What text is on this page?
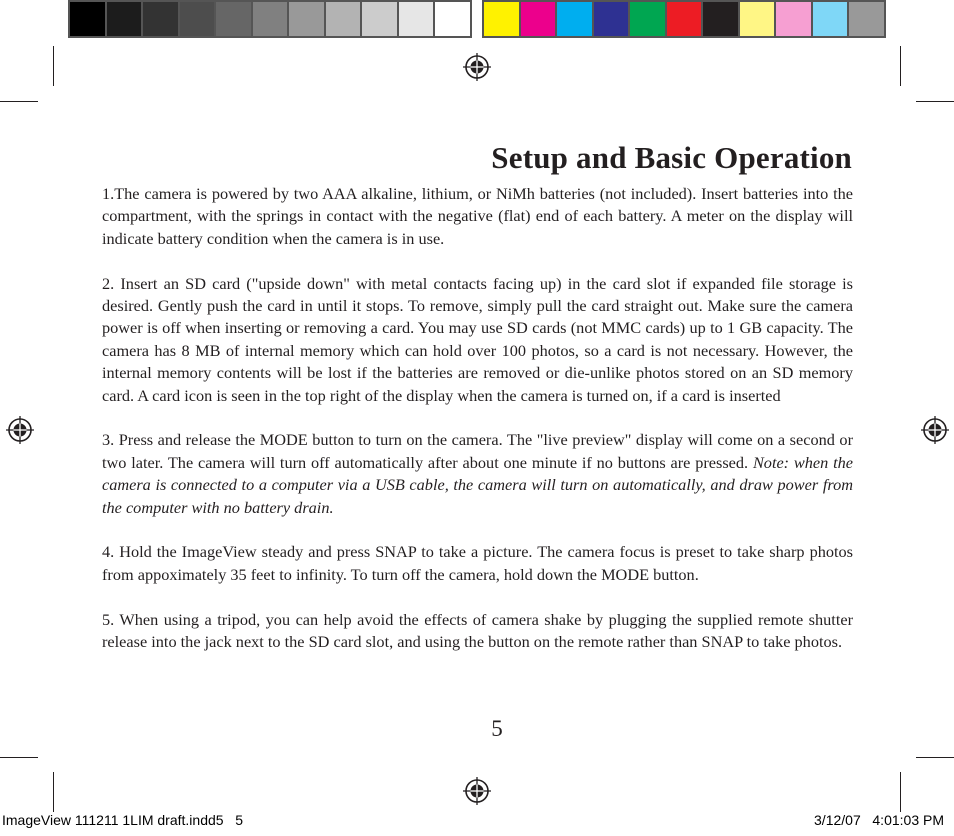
Setup and Basic Operation

1.The camera is powered by two AAA alkaline, lithium, or NiMh batteries (not included). Insert batteries into the compartment, with the springs in contact with the negative (flat) end of each battery. A meter on the display will indicate battery condition when the camera is in use.

2. Insert an SD card ("upside down" with metal contacts facing up) in the card slot if expanded file storage is desired. Gently push the card in until it stops. To remove, simply pull the card straight out. Make sure the camera power is off when inserting or removing a card. You may use SD cards (not MMC cards) up to 1 GB capacity. The camera has 8 MB of internal memory which can hold over 100 photos, so a card is not necessary. However, the internal memory contents will be lost if the batteries are removed or die-unlike photos stored on an SD memory card. A card icon is seen in the top right of the display when the camera is turned on, if a card is inserted

3. Press and release the MODE button to turn on the camera. The "live preview" display will come on a second or two later. The camera will turn off automatically after about one minute if no buttons are pressed. Note: when the camera is connected to a computer via a USB cable, the camera will turn on automatically, and draw power from the computer with no battery drain.

4. Hold the ImageView steady and press SNAP to take a picture. The camera focus is preset to take sharp photos from appoximately 35 feet to infinity. To turn off the camera, hold down the MODE button.

5. When using a tripod, you can help avoid the effects of camera shake by plugging the supplied remote shutter release into the jack next to the SD card slot, and using the button on the remote rather than SNAP to take photos.

5
ImageView 111211 1LIM draft.indd5   5	3/12/07   4:01:03 PM
